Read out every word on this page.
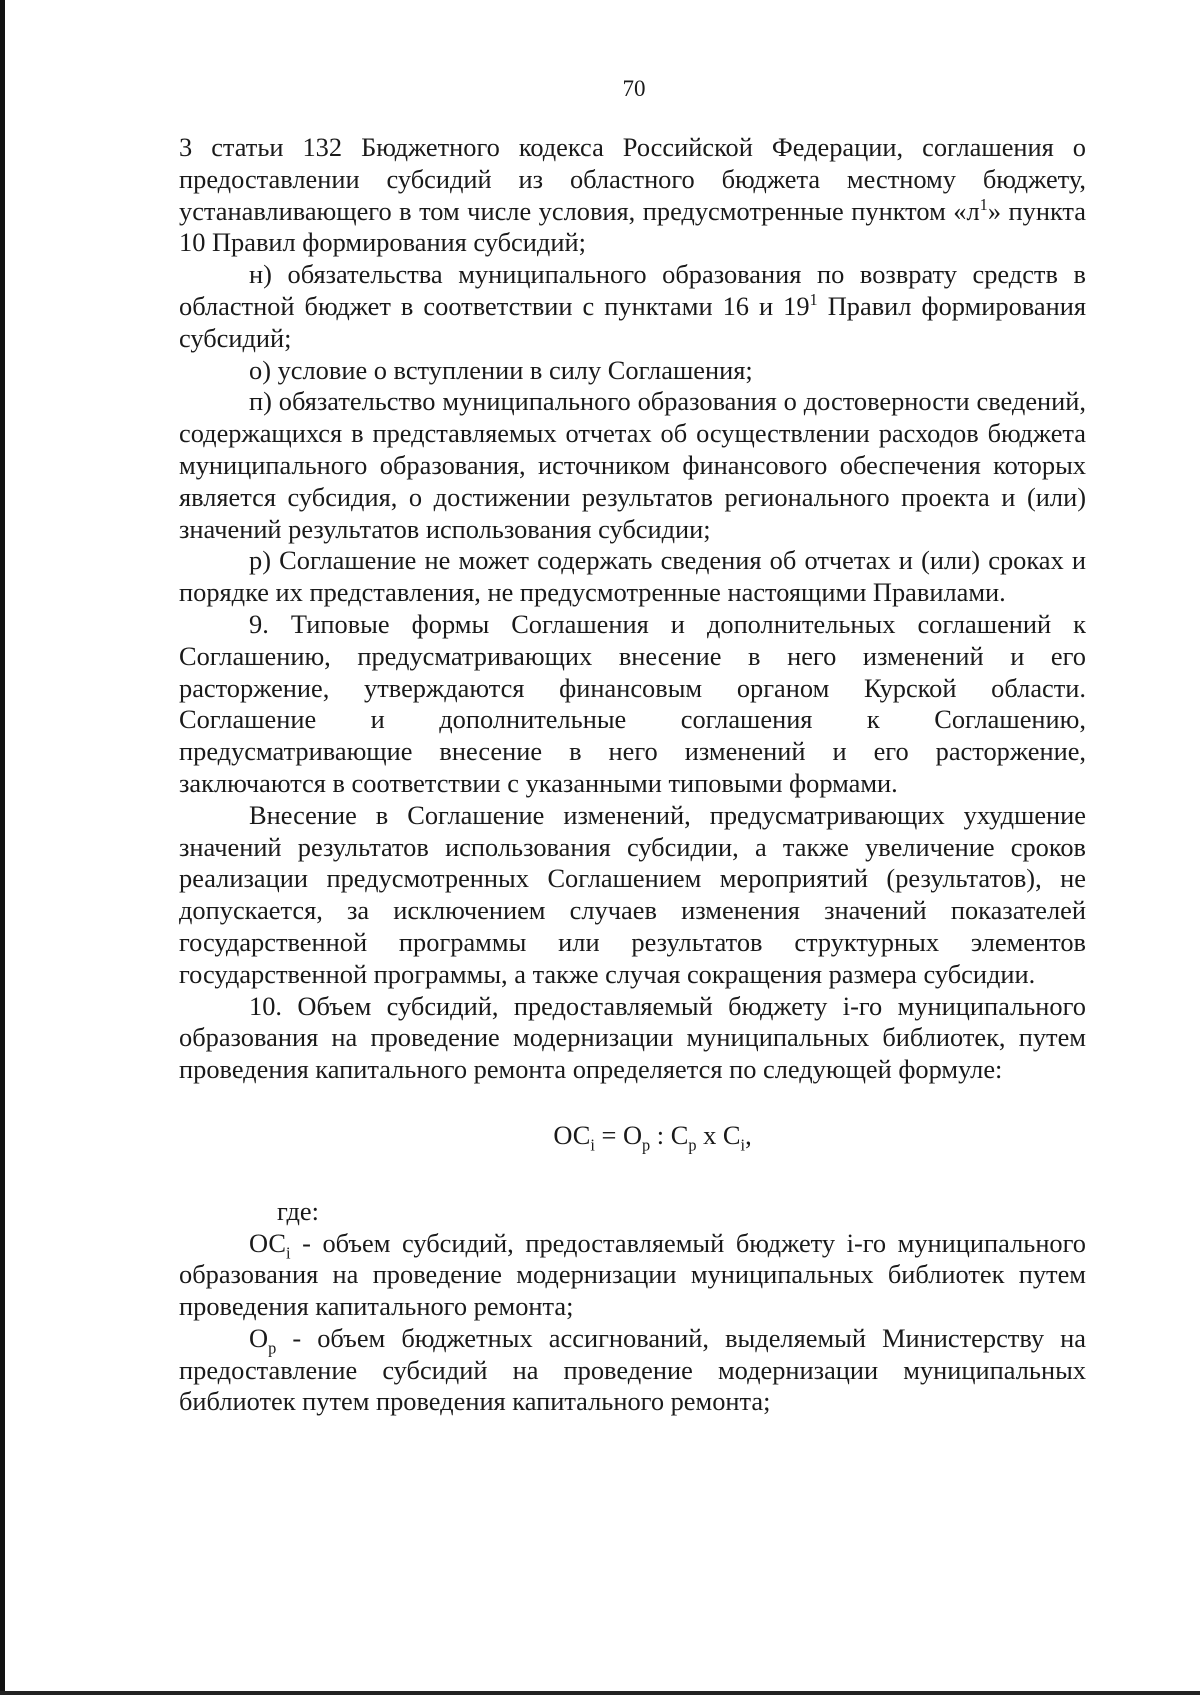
70

3 статьи 132 Бюджетного кодекса Российской Федерации, соглашения о предоставлении субсидий из областного бюджета местному бюджету, устанавливающего в том числе условия, предусмотренные пунктом «$л^1$» пункта 10 Правил формирования субсидий;

н) обязательства муниципального образования по возврату средств в областной бюджет в соответствии с пунктами 16 и $19^1$ Правил формирования субсидий;

о) условие о вступлении в силу Соглашения;

п) обязательство муниципального образования о достоверности сведений, содержащихся в представляемых отчетах об осуществлении расходов бюджета муниципального образования, источником финансового обеспечения которых является субсидия, о достижении результатов регионального проекта и (или) значений результатов использования субсидии;

р) Соглашение не может содержать сведения об отчетах и (или) сроках и порядке их представления, не предусмотренные настоящими Правилами.

9. Типовые формы Соглашения и дополнительных соглашений к Соглашению, предусматривающих внесение в него изменений и его расторжение, утверждаются финансовым органом Курской области. Соглашение и дополнительные соглашения к Соглашению, предусматривающие внесение в него изменений и его расторжение, заключаются в соответствии с указанными типовыми формами.

Внесение в Соглашение изменений, предусматривающих ухудшение значений результатов использования субсидии, а также увеличение сроков реализации предусмотренных Соглашением мероприятий (результатов), не допускается, за исключением случаев изменения значений показателей государственной программы или результатов структурных элементов государственной программы, а также случая сокращения размера субсидии.

10. Объем субсидий, предоставляемый бюджету i-го муниципального образования на проведение модернизации муниципальных библиотек, путем проведения капитального ремонта определяется по следующей формуле:

$ОС_i = О_р$ : $С_р$ х $С_i$,

где:

$ОС_i$ - объем субсидий, предоставляемый бюджету i-го муниципального образования на проведение модернизации муниципальных библиотек путем проведения капитального ремонта;

$О_р$ - объем бюджетных ассигнований, выделяемый Министерству на предоставление субсидий на проведение модернизации муниципальных библиотек путем проведения капитального ремонта;
